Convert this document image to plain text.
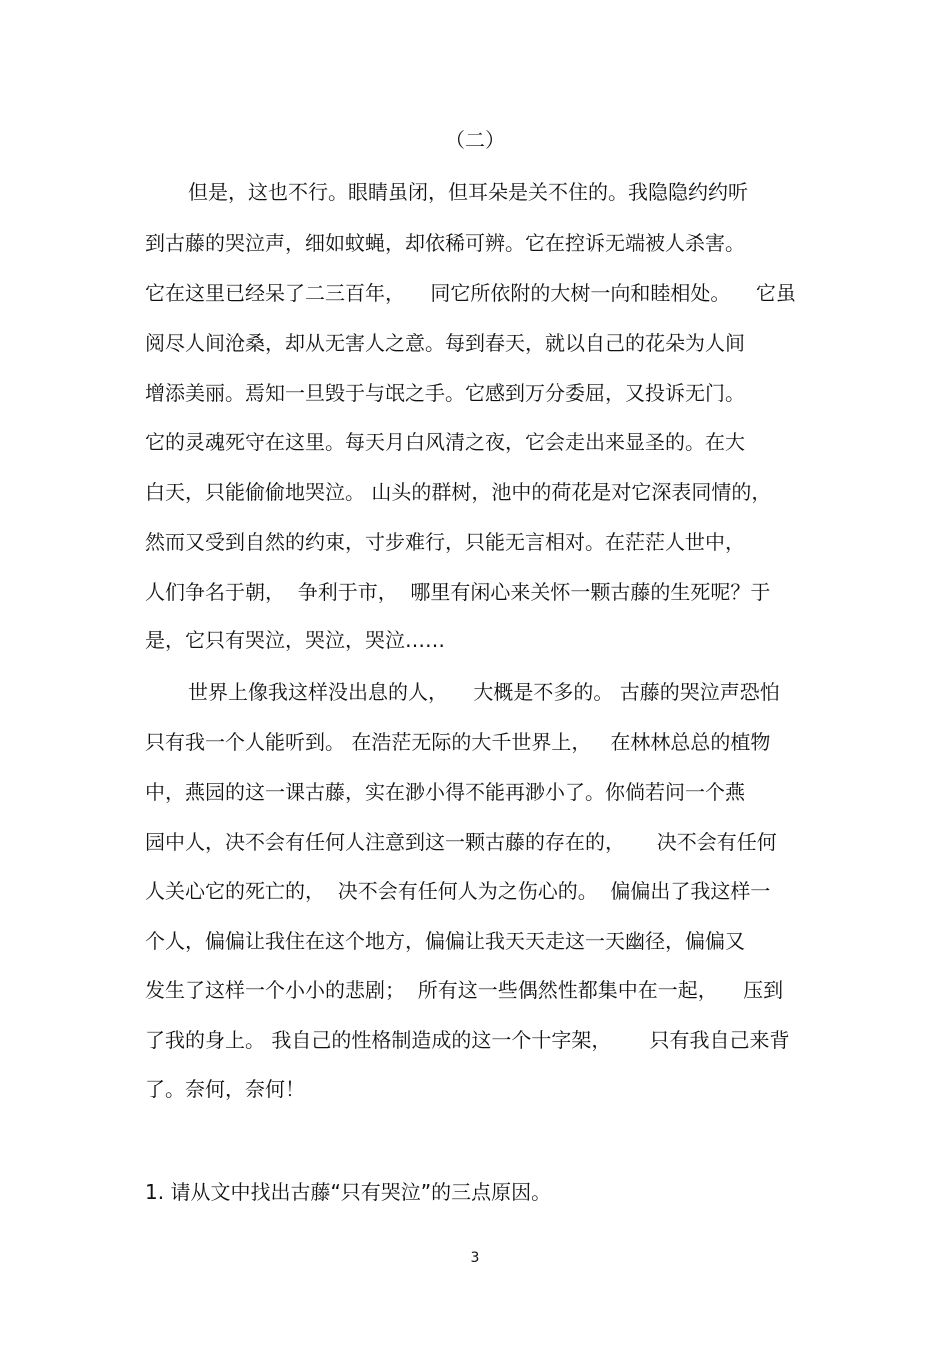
（二）

但是，这也不行。眼睛虽闭，但耳朵是关不住的。我隐隐约约听

到古藤的哭泣声，细如蚊蝇，却依稀可辨。它在控诉无端被人杀害。

它在这里已经呆了二三百年，    同它所依附的大树一向和睦相处。    它虽

阅尽人间沧桑，却从无害人之意。每到春天，就以自己的花朵为人间

增添美丽。焉知一旦毁于与氓之手。它感到万分委屈，又投诉无门。

它的灵魂死守在这里。每天月白风清之夜，它会走出来显圣的。在大

白天，只能偷偷地哭泣。 山头的群树，池中的荷花是对它深表同情的，

然而又受到自然的约束，寸步难行，只能无言相对。在茫茫人世中，

人们争名于朝，  争利于市，  哪里有闲心来关怀一颗古藤的生死呢？于

是，它只有哭泣，哭泣，哭泣……

世界上像我这样没出息的人，    大概是不多的。 古藤的哭泣声恐怕

只有我一个人能听到。 在浩茫无际的大千世界上，   在林林总总的植物

中，燕园的这一课古藤，实在渺小得不能再渺小了。你倘若问一个燕

园中人，决不会有任何人注意到这一颗古藤的存在的，     决不会有任何

人关心它的死亡的，  决不会有任何人为之伤心的。  偏偏出了我这样一

个人，偏偏让我住在这个地方，偏偏让我天天走这一天幽径，偏偏又

发生了这样一个小小的悲剧；  所有这一些偶然性都集中在一起，    压到

了我的身上。 我自己的性格制造成的这一个十字架，      只有我自己来背

了。奈何，奈何！

1. 请从文中找出古藤“只有哭泣”的三点原因。
3
